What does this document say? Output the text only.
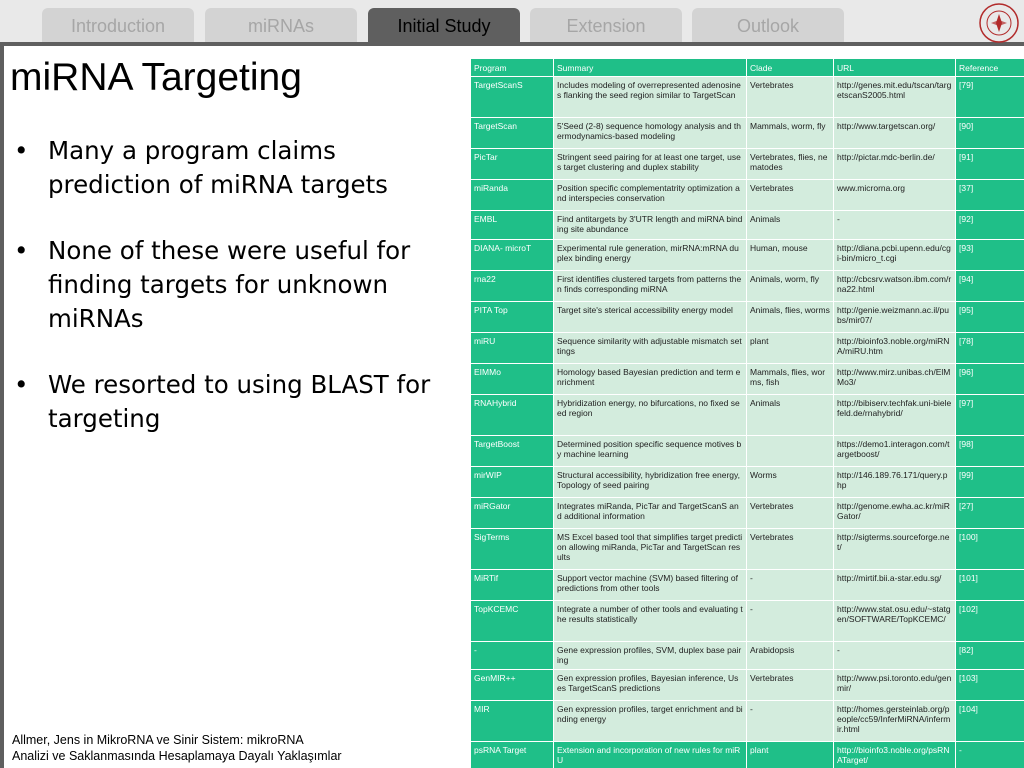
Introduction	miRNAs	Initial Study	Extension	Outlook
miRNA Targeting
• Many a program claims prediction of miRNA targets
• None of these were useful for finding targets for unknown miRNAs
• We resorted to using BLAST for targeting
Allmer, Jens in MikroRNA ve Sinir Sistem: mikroRNA
Analizi ve Saklanmasında Hesaplamaya Dayalı Yaklaşımlar
Program	Summary	Clade	URL	Reference
TargetScanS	Includes modeling of overrepresented adenosines flanking the seed region similar to TargetScan	Vertebrates	http://genes.mit.edu/tscan/targetscanS2005.html	[79]
TargetScan	5'Seed (2-8) sequence homology analysis and thermodynamics-based modeling	Mammals, worm, fly	http://www.targetscan.org/	[90]
PicTar	Stringent seed pairing for at least one target, uses target clustering and duplex stability	Vertebrates, flies, nematodes	http://pictar.mdc-berlin.de/	[91]
miRanda	Position specific complementatrity optimization and interspecies conservation	Vertebrates	www.microrna.org	[37]
EMBL	Find antitargets by 3'UTR length and miRNA binding site abundance	Animals	-	[92]
DIANA- microT	Experimental rule generation, mirRNA:mRNA duplex binding energy	Human, mouse	http://diana.pcbi.upenn.edu/cgi-bin/micro_t.cgi	[93]
rna22	First identifies clustered targets from patterns then finds corresponding miRNA	Animals, worm, fly	http://cbcsrv.watson.ibm.com/rna22.html	[94]
PITA Top	Target site's sterical accessibility energy model	Animals, flies, worms	http://genie.weizmann.ac.il/pubs/mir07/	[95]
miRU	Sequence similarity with adjustable mismatch settings	plant	http://bioinfo3.noble.org/miRNA/miRU.htm	[78]
EIMMo	Homology based Bayesian prediction and term enrichment	Mammals, flies, worms, fish	http://www.mirz.unibas.ch/ElMMo3/	[96]
RNAHybrid	Hybridization energy, no bifurcations, no fixed seed region	Animals	http://bibiserv.techfak.uni-bielefeld.de/rnahybrid/	[97]
TargetBoost	Determined position specific sequence motives by machine learning		https://demo1.interagon.com/targetboost/	[98]
mirWIP	Structural accessibility, hybridization free energy, Topology of seed pairing	Worms	http://146.189.76.171/query.php	[99]
miRGator	Integrates miRanda, PicTar and TargetScanS and additional information	Vertebrates	http://genome.ewha.ac.kr/miRGator/	[27]
SigTerms	MS Excel based tool that simplifies target prediction allowing miRanda, PicTar and TargetScan results	Vertebrates	http://sigterms.sourceforge.net/	[100]
MiRTif	Support vector machine (SVM) based filtering of predictions from other tools	-	http://mirtif.bii.a-star.edu.sg/	[101]
TopKCEMC	Integrate a number of other tools and evaluating the results statistically	-	http://www.stat.osu.edu/~statgen/SOFTWARE/TopKCEMC/	[102]
-	Gene expression profiles, SVM, duplex base pairing	Arabidopsis	-	[82]
GenMIR++	Gen expression profiles, Bayesian inference, Uses TargetScanS predictions	Vertebrates	http://www.psi.toronto.edu/genmir/	[103]
MIR	Gen expression profiles, target enrichment and binding energy	-	http://homes.gersteinlab.org/people/cc59/InferMiRNA/infermir.html	[104]
psRNA Target	Extension and incorporation of new rules for miRU	plant	http://bioinfo3.noble.org/psRNATarget/	-
